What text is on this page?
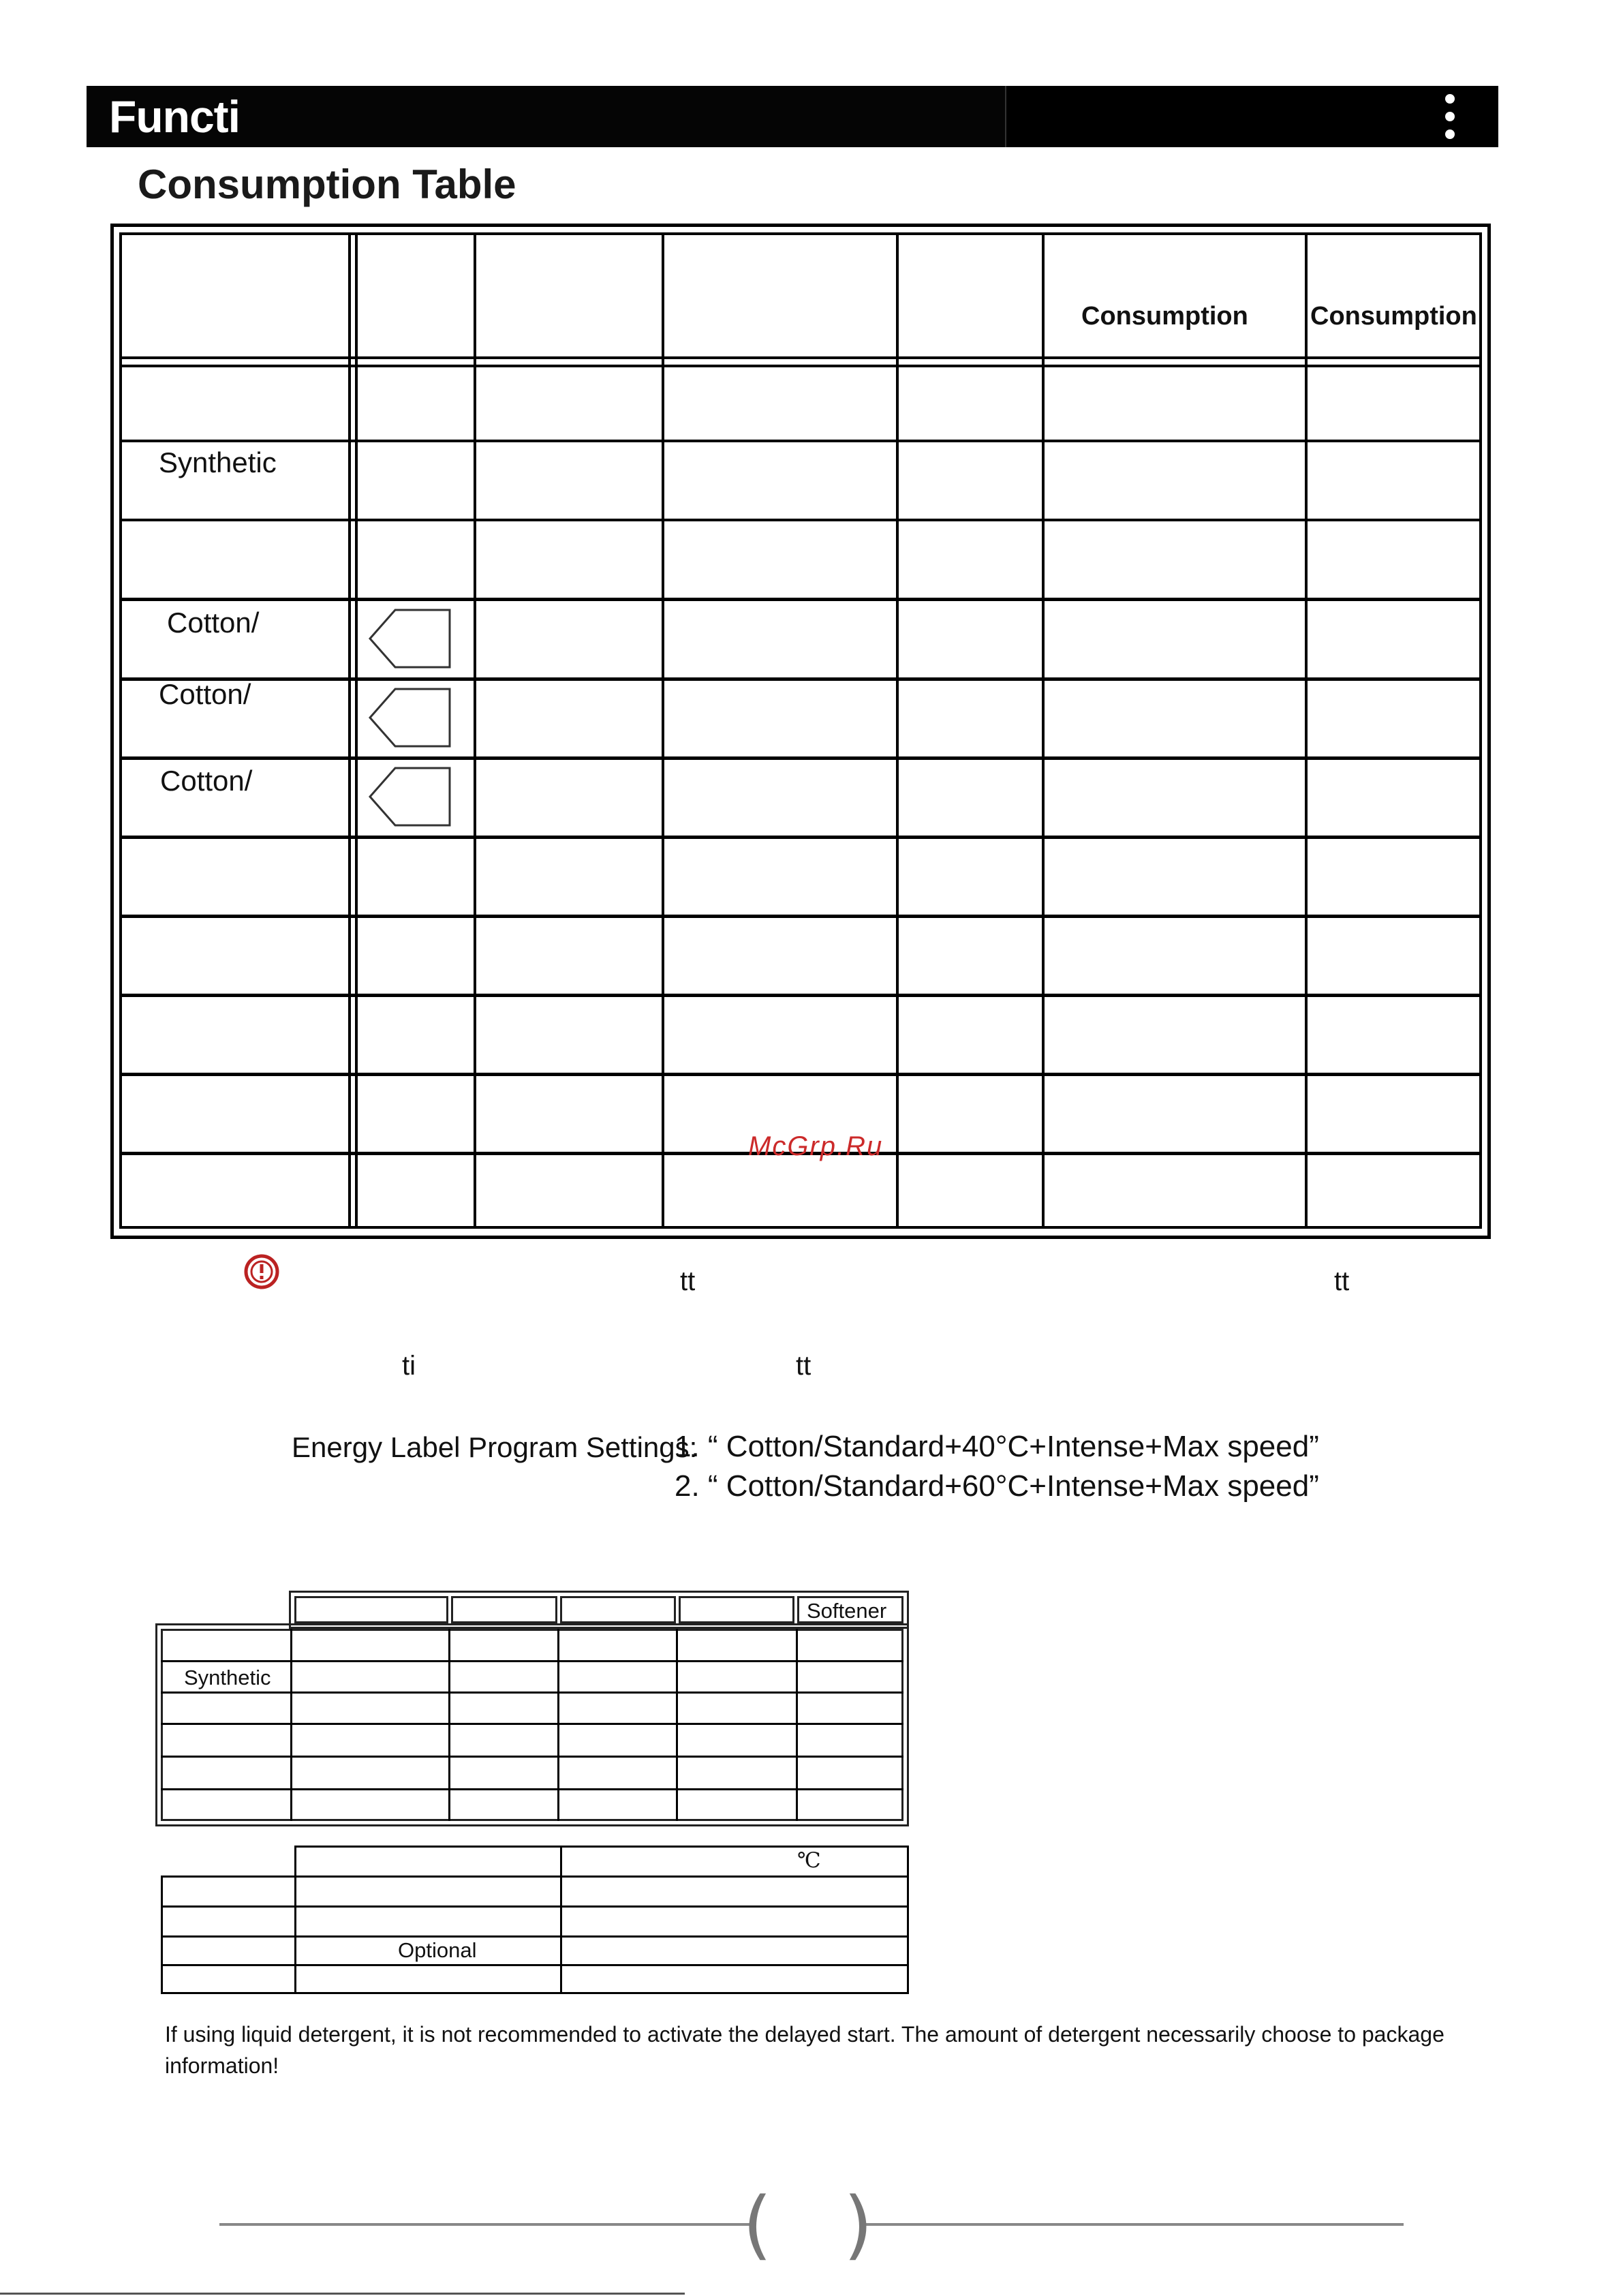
Functi
Consumption Table
Consumption Consumption
Synthetic
Cotton/
Cotton/
Cotton/
McGrp.Ru
tt	tt
ti	tt
Energy Label Program Settings:
1. “ Cotton/Standard+40°C+Intense+Max speed”
2. “ Cotton/Standard+60°C+Intense+Max speed”
Softener
Synthetic
℃
Optional
If using liquid detergent, it is not recommended to activate the delayed start. The amount of detergent necessarily choose to package information!
( )
